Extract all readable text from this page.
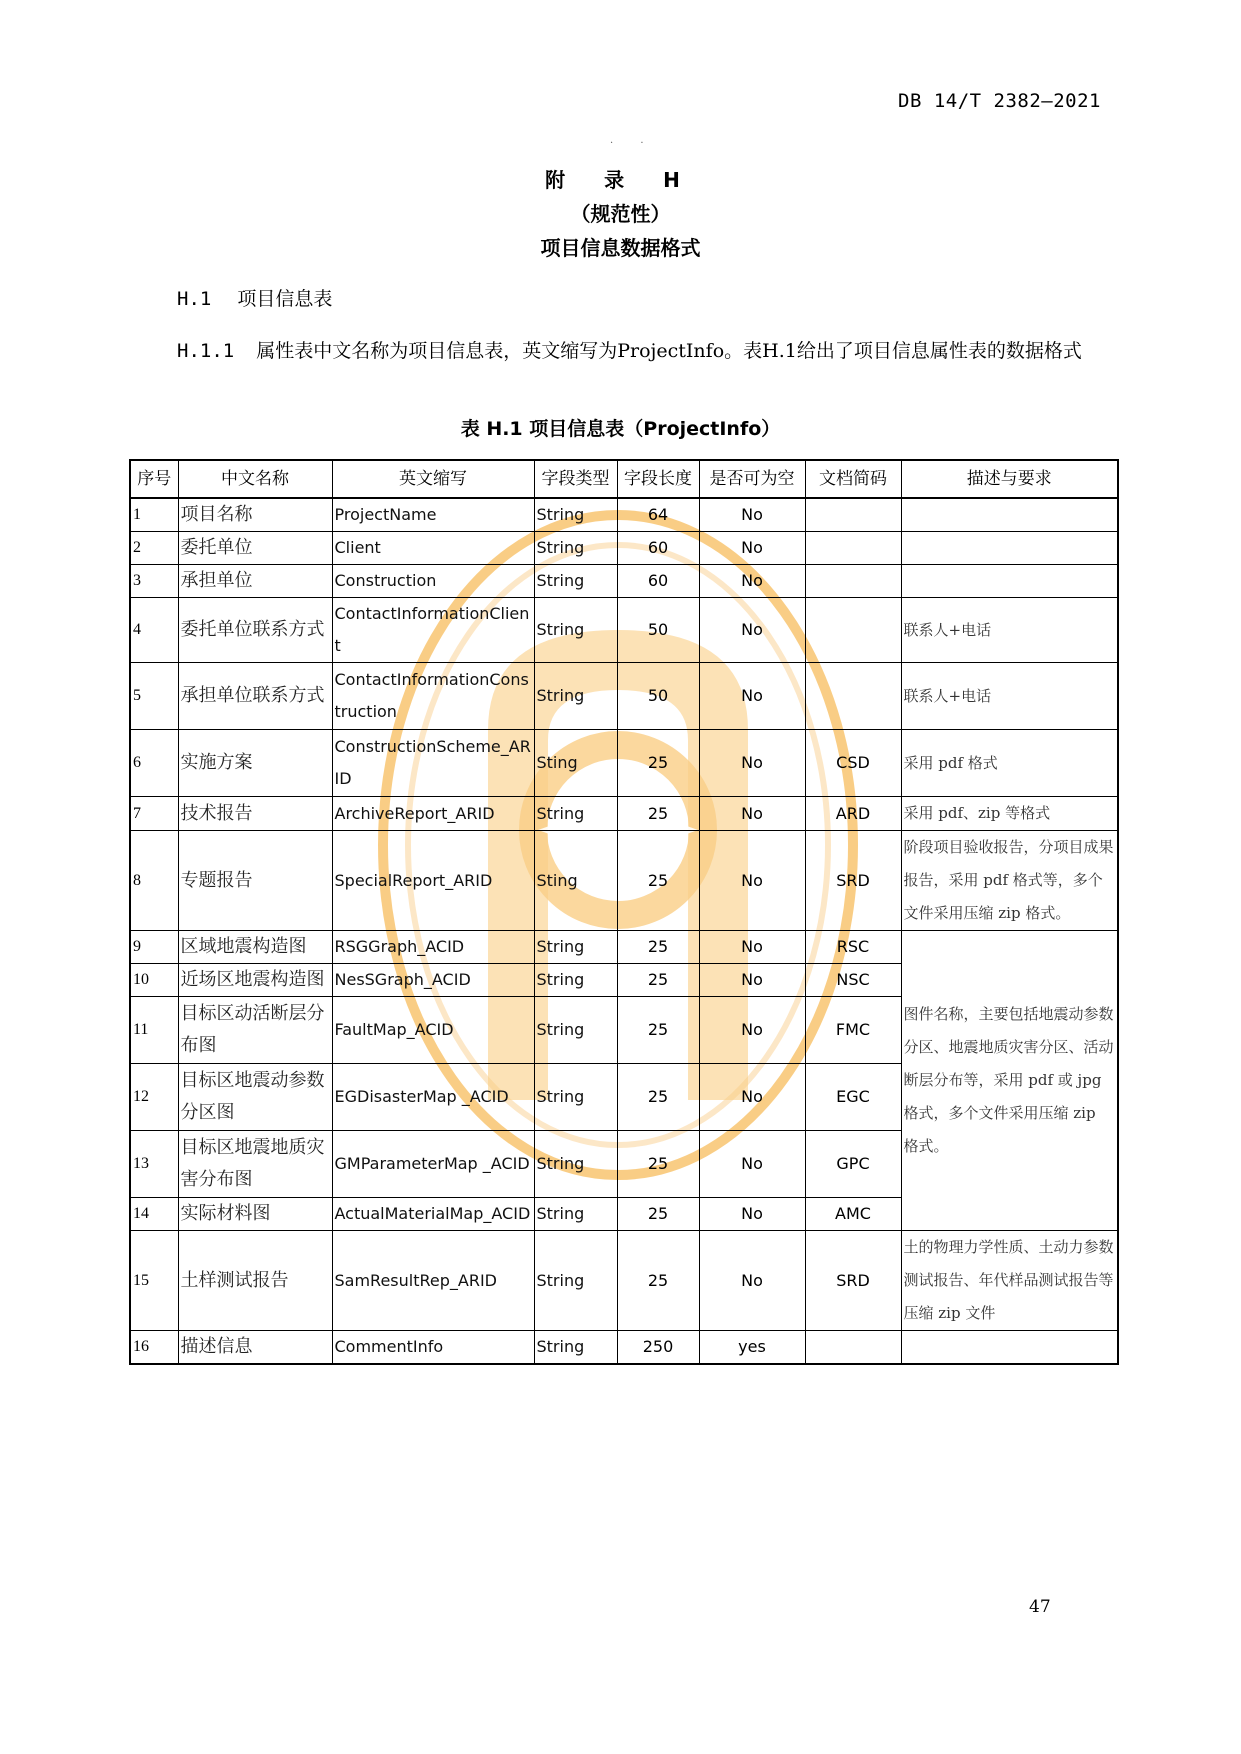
DB 14/T 2382—2021
· ·
附 录 H
（规范性）
项目信息数据格式
H.1 项目信息表
H.1.1 属性表中文名称为项目信息表，英文缩写为ProjectInfo。表H.1给出了项目信息属性表的数据格式
表 H.1 项目信息表（ProjectInfo）
序号	中文名称	英文缩写	字段类型	字段长度	是否可为空	文档简码	描述与要求
1	项目名称	ProjectName	String	64	No		
2	委托单位	Client	String	60	No		
3	承担单位	Construction	String	60	No		
4	委托单位联系方式	ContactInformationClient	String	50	No		联系人+电话
5	承担单位联系方式	ContactInformationConstruction	String	50	No		联系人+电话
6	实施方案	ConstructionScheme_ARID	Sting	25	No	CSD	采用 pdf 格式
7	技术报告	ArchiveReport_ARID	String	25	No	ARD	采用 pdf、zip 等格式
8	专题报告	SpecialReport_ARID	Sting	25	No	SRD	阶段项目验收报告，分项目成果报告，采用 pdf 格式等，多个文件采用压缩 zip 格式。
9	区域地震构造图	RSGGraph_ACID	String	25	No	RSC	图件名称，主要包括地震动参数分区、地震地质灾害分区、活动断层分布等，采用 pdf 或 jpg 格式，多个文件采用压缩 zip 格式。
10	近场区地震构造图	NesSGraph_ACID	String	25	No	NSC	
11	目标区动活断层分布图	FaultMap_ACID	String	25	No	FMC	
12	目标区地震动参数分区图	EGDisasterMap _ACID	String	25	No	EGC	
13	目标区地震地质灾害分布图	GMParameterMap _ACID	String	25	No	GPC	
14	实际材料图	ActualMaterialMap_ACID	String	25	No	AMC	
15	土样测试报告	SamResultRep_ARID	String	25	No	SRD	土的物理力学性质、土动力参数测试报告、年代样品测试报告等压缩 zip 文件
16	描述信息	CommentInfo	String	250	yes		
47
